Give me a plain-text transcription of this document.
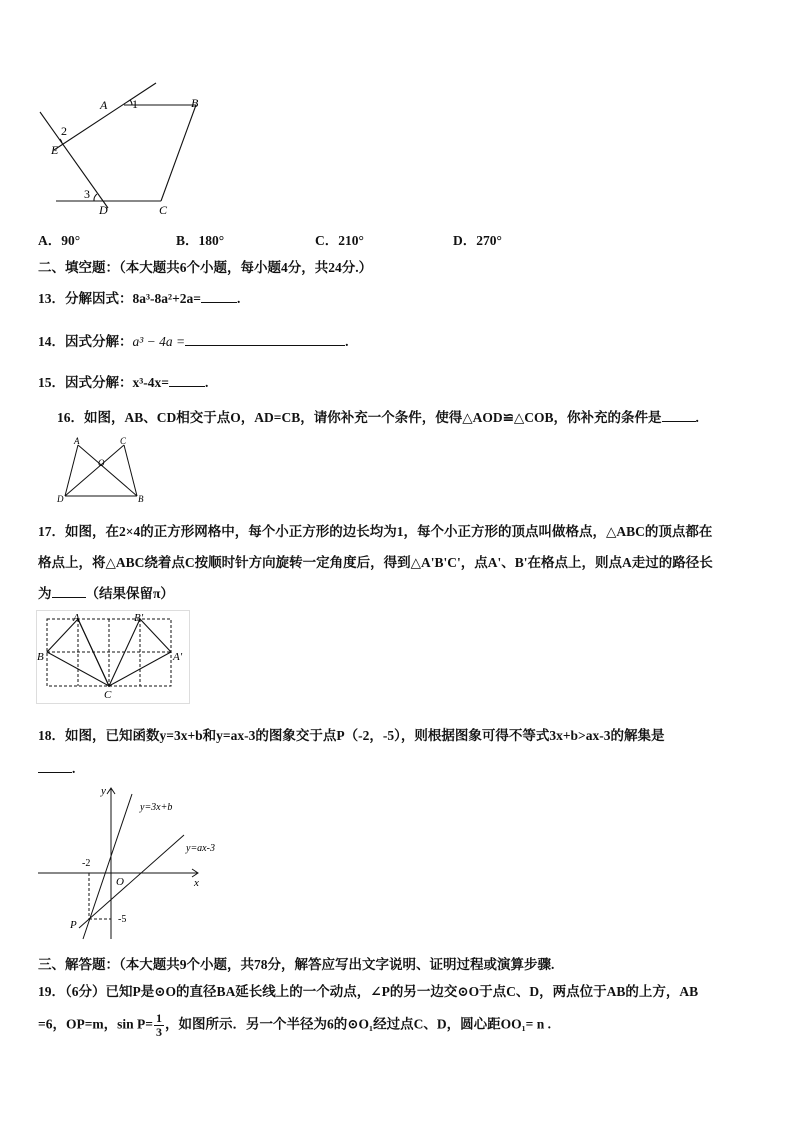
A 1	B
2
E
3
D	C
A．90°	B．180°	C．210°	D．270°
二、填空题：（本大题共6个小题，每小题4分，共24分.）
13．分解因式：8a³-8a²+2a=	.
14．因式分解：a³ − 4a =	.
15．因式分解：x³-4x=	.
16．如图，AB、CD相交于点O，AD=CB，请你补充一个条件，使得△AOD≌△COB，你补充的条件是	.
A	C
O
D	B
17．如图，在2×4的正方形网格中，每个小正方形的边长均为1，每个小正方形的顶点叫做格点，△ABC的顶点都在
格点上，将△ABC绕着点C按顺时针方向旋转一定角度后，得到△A'B'C'，点A'、B'在格点上，则点A走过的路径长
为	（结果保留π）
A
B
B′
A′
C
18．如图，已知函数y=3x+b和y=ax-3的图象交于点P（-2，-5），则根据图象可得不等式3x+b>ax-3的解集是
.
y
x
O
-2
-5
P
y=3x+b
y=ax-3
三、解答题：（本大题共9个小题，共78分，解答应写出文字说明、证明过程或演算步骤.
19．（6分）已知P是⊙O的直径BA延长线上的一个动点，∠P的另一边交⊙O于点C、D，两点位于AB的上方，AB
=6，OP=m，$\sin P= \frac{1}{3}$ ，如图所示．另一个半径为6的⊙O₁经过点C、D，圆心距OO₁= n .
